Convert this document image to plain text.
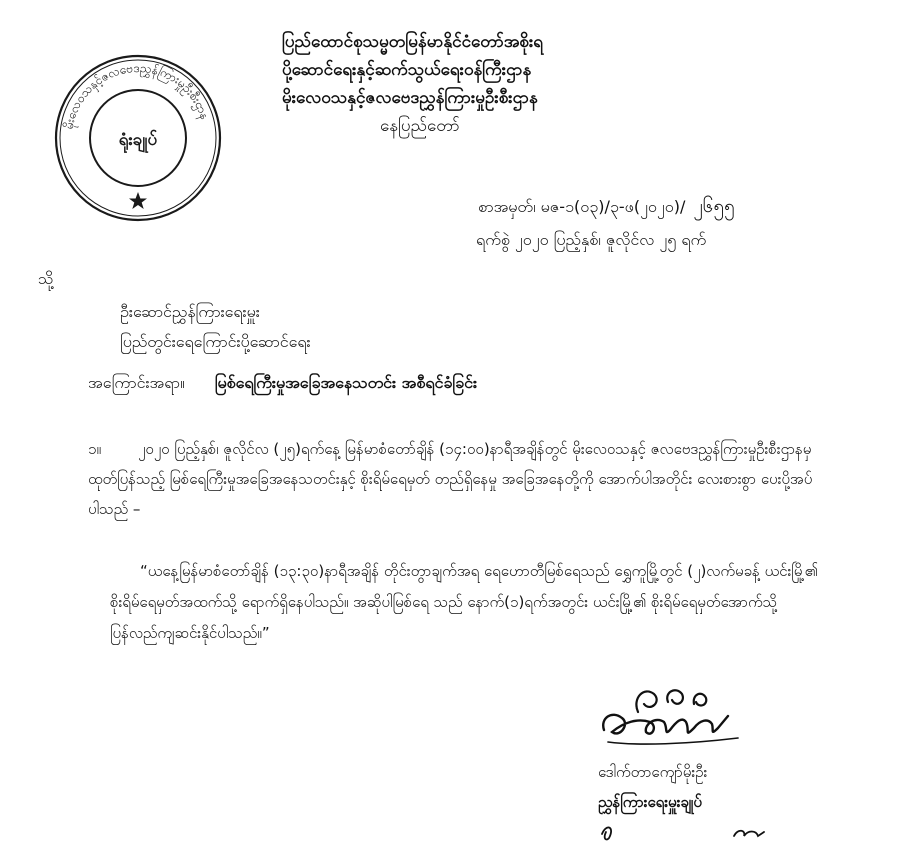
မိုးလေဝသနှင့်ဇလဗေဒညွှန်ကြားမှုဦးစီးဌာန
ရုံးချုပ်
ပြည်ထောင်စုသမ္မတမြန်မာနိုင်ငံတော်အစိုးရ
ပို့ဆောင်ရေးနှင့်ဆက်သွယ်ရေးဝန်ကြီးဌာန
မိုးလေဝသနှင့်ဇလဗေဒညွှန်ကြားမှုဦးစီးဌာန
နေပြည်တော်
စာအမှတ်၊ မဇ-၁(၀၃)/၃-ဖ(၂၀၂၀)/ ၂၆၅၅
ရက်စွဲ ၂၀၂၀ ပြည့်နှစ်၊ ဇူလိုင်လ ၂၅ ရက်
သို့
ဦးဆောင်ညွှန်ကြားရေးမှူး
ပြည်တွင်းရေကြောင်းပို့ဆောင်ရေး
အကြောင်းအရာ။ မြစ်ရေကြီးမှုအခြေအနေသတင်း အစီရင်ခံခြင်း
၁။ ၂၀၂၀ ပြည့်နှစ်၊ ဇူလိုင်လ (၂၅)ရက်နေ့ မြန်မာစံတော်ချိန် (၁၄:၀၀)နာရီအချိန်တွင် မိုးလေဝသနှင့် ဇလဗေဒညွှန်ကြားမှုဦးစီးဌာနမှ ထုတ်ပြန်သည့် မြစ်ရေကြီးမှုအခြေအနေသတင်းနှင့် စိုးရိမ်ရေမှတ် တည်ရှိနေမှု အခြေအနေတို့ကို အောက်ပါအတိုင်း လေးစားစွာ ပေးပို့အပ်ပါသည် –
“ယနေ့မြန်မာစံတော်ချိန် (၁၃:၃၀)နာရီအချိန် တိုင်းတွာချက်အရ ရေဟောတီမြစ်ရေသည် ရွှေကူမြို့တွင် (၂)လက်မခန့် ယင်းမြို့၏ စိုးရိမ်ရေမှတ်အထက်သို့ ရောက်ရှိနေပါသည်။ အဆိုပါမြစ်ရေ သည် နောက်(၁)ရက်အတွင်း ယင်းမြို့၏ စိုးရိမ်ရေမှတ်အောက်သို့ ပြန်လည်ကျဆင်းနိုင်ပါသည်။”
ဒေါက်တာကျော်မိုးဦး
ညွှန်ကြားရေးမှူးချုပ်
